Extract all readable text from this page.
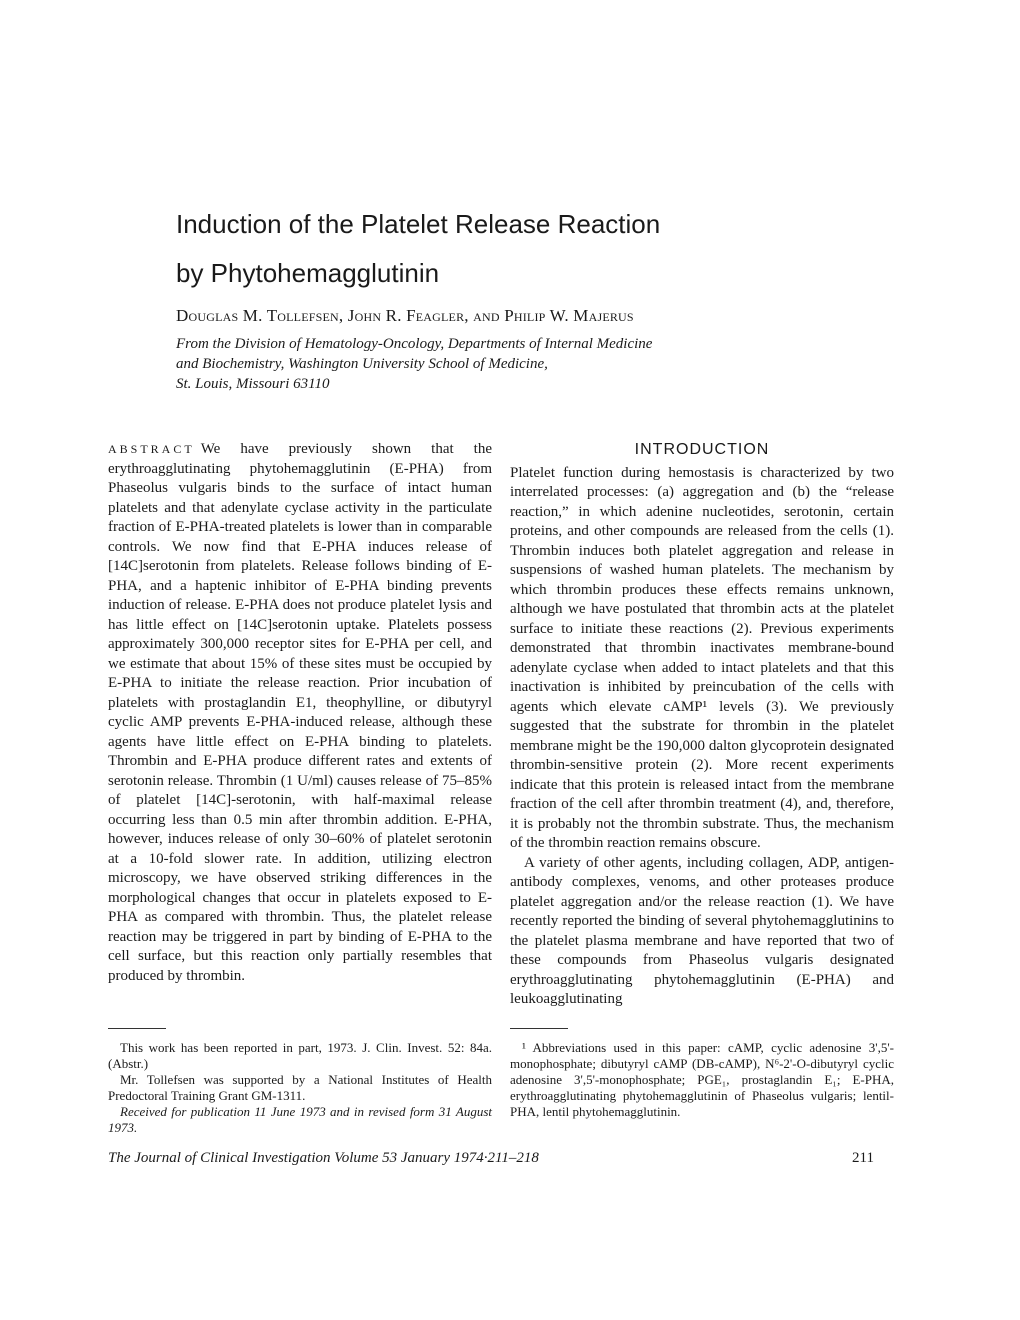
Induction of the Platelet Release Reaction
by Phytohemagglutinin

Douglas M. Tollefsen, John R. Feagler, and Philip W. Majerus

From the Division of Hematology-Oncology, Departments of Internal Medicine
and Biochemistry, Washington University School of Medicine,
St. Louis, Missouri 63110

ABSTRACT We have previously shown that the erythroagglutinating phytohemagglutinin (E-PHA) from Phaseolus vulgaris binds to the surface of intact human platelets and that adenylate cyclase activity in the particulate fraction of E-PHA-treated platelets is lower than in comparable controls. We now find that E-PHA induces release of [14C]serotonin from platelets. Release follows binding of E-PHA, and a haptenic inhibitor of E-PHA binding prevents induction of release. E-PHA does not produce platelet lysis and has little effect on [14C]serotonin uptake. Platelets possess approximately 300,000 receptor sites for E-PHA per cell, and we estimate that about 15% of these sites must be occupied by E-PHA to initiate the release reaction. Prior incubation of platelets with prostaglandin E1, theophylline, or dibutyryl cyclic AMP prevents E-PHA-induced release, although these agents have little effect on E-PHA binding to platelets. Thrombin and E-PHA produce different rates and extents of serotonin release. Thrombin (1 U/ml) causes release of 75–85% of platelet [14C]-serotonin, with half-maximal release occurring less than 0.5 min after thrombin addition. E-PHA, however, induces release of only 30–60% of platelet serotonin at a 10-fold slower rate. In addition, utilizing electron microscopy, we have observed striking differences in the morphological changes that occur in platelets exposed to E-PHA as compared with thrombin. Thus, the platelet release reaction may be triggered in part by binding of E-PHA to the cell surface, but this reaction only partially resembles that produced by thrombin.

INTRODUCTION

Platelet function during hemostasis is characterized by two interrelated processes: (a) aggregation and (b) the “release reaction,” in which adenine nucleotides, serotonin, certain proteins, and other compounds are released from the cells (1). Thrombin induces both platelet aggregation and release in suspensions of washed human platelets. The mechanism by which thrombin produces these effects remains unknown, although we have postulated that thrombin acts at the platelet surface to initiate these reactions (2). Previous experiments demonstrated that thrombin inactivates membrane-bound adenylate cyclase when added to intact platelets and that this inactivation is inhibited by preincubation of the cells with agents which elevate cAMP¹ levels (3). We previously suggested that the substrate for thrombin in the platelet membrane might be the 190,000 dalton glycoprotein designated thrombin-sensitive protein (2). More recent experiments indicate that this protein is released intact from the membrane fraction of the cell after thrombin treatment (4), and, therefore, it is probably not the thrombin substrate. Thus, the mechanism of the thrombin reaction remains obscure.

A variety of other agents, including collagen, ADP, antigen-antibody complexes, venoms, and other proteases produce platelet aggregation and/or the release reaction (1). We have recently reported the binding of several phytohemagglutinins to the platelet plasma membrane and have reported that two of these compounds from Phaseolus vulgaris designated erythroagglutinating phytohemagglutinin (E-PHA) and leukoagglutinating

This work has been reported in part, 1973. J. Clin. Invest. 52: 84a. (Abstr.)

Mr. Tollefsen was supported by a National Institutes of Health Predoctoral Training Grant GM-1311.

Received for publication 11 June 1973 and in revised form 31 August 1973.

¹ Abbreviations used in this paper: cAMP, cyclic adenosine 3',5'-monophosphate; dibutyryl cAMP (DB-cAMP), N⁶-2'-O-dibutyryl cyclic adenosine 3',5'-monophosphate; PGE₁, prostaglandin E₁; E-PHA, erythroagglutinating phytohemagglutinin of Phaseolus vulgaris; lentil-PHA, lentil phytohemagglutinin.

The Journal of Clinical Investigation Volume 53 January 1974·211–218	211
